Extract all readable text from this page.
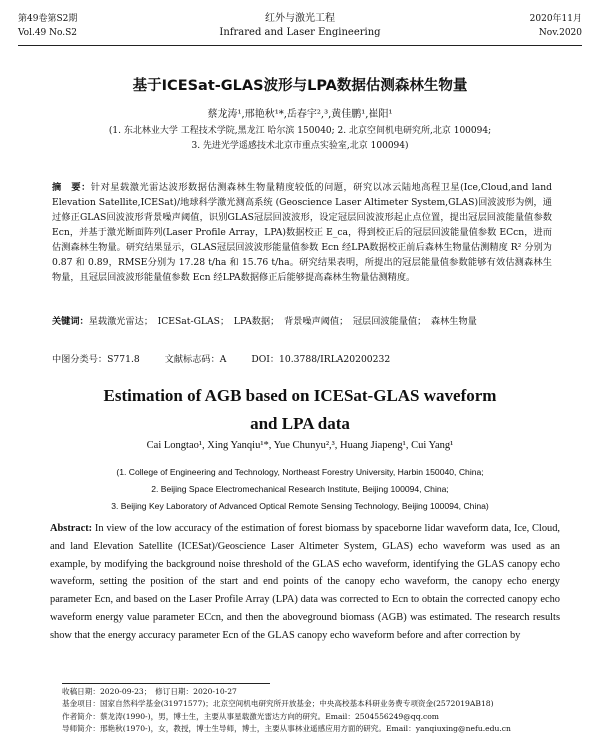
第49卷第S2期
Vol.49 No.S2
红外与激光工程
Infrared and Laser Engineering
2020年11月
Nov.2020
基于ICESat-GLAS波形与LPA数据估测森林生物量
蔡龙涛¹,邢艳秋¹*,岳春宇²,³,黄佳鹏¹,崔阳¹
(1. 东北林业大学 工程技术学院,黑龙江 哈尔滨 150040; 2. 北京空间机电研究所,北京 100094;
3. 先进光学遥感技术北京市重点实验室,北京 100094)
摘　要：针对星载激光雷达波形数据估测森林生物量精度较低的问题，研究以冰云陆地高程卫星(Ice,Cloud,and land Elevation Satellite,ICESat)/地球科学激光测高系统 (Geoscience Laser Altimeter System,GLAS)回波波形为例，通过修正GLAS回波波形背景噪声阈值，识别GLAS冠层回波波形，设定冠层回波波形起止点位置，提出冠层回波能量值参数 Ecn，并基于激光断面阵列(Laser Profile Array，LPA)数据校正 E_ca，得到校正后的冠层回波能量值参数 ECcn，进而估测森林生物量。研究结果显示，GLAS冠层回波波形能量值参数 Ecn 经LPA数据校正前后森林生物量估测精度 R² 分别为 0.87 和 0.89，RMSE分别为 17.28 t/ha 和 15.76 t/ha。研究结果表明，所提出的冠层能量值参数能够有效估测森林生物量，且冠层回波波形能量值参数 Ecn 经LPA数据修正后能够提高森林生物量估测精度。
关键词：星载激光雷达；　ICESat-GLAS；　LPA数据；　背景噪声阈值；　冠层回波能量值；　森林生物量
中图分类号：S771.8	文献标志码：A	DOI：10.3788/IRLA20200232
Estimation of AGB based on ICESat-GLAS waveform
and LPA data
Cai Longtao¹, Xing Yanqiu¹*, Yue Chunyu²,³, Huang Jiapeng¹, Cui Yang¹
(1. College of Engineering and Technology, Northeast Forestry University, Harbin 150040, China;
2. Beijing Space Electromechanical Research Institute, Beijing 100094, China;
3. Beijing Key Laboratory of Advanced Optical Remote Sensing Technology, Beijing 100094, China)
Abstract: In view of the low accuracy of the estimation of forest biomass by spaceborne lidar waveform data, Ice, Cloud, and land Elevation Satellite (ICESat)/Geoscience Laser Altimeter System, GLAS) echo waveform was used as an example, by modifying the background noise threshold of the GLAS echo waveform, identifying the GLAS canopy echo waveform, setting the position of the start and end points of the canopy echo waveform, the canopy echo energy parameter Ecn, and based on the Laser Profile Array (LPA) data was corrected to Ecn to obtain the corrected canopy echo waveform energy value parameter ECcn, and then the aboveground biomass (AGB) was estimated. The research results show that the energy accuracy parameter Ecn of the GLAS canopy echo waveform before and after correction by
收稿日期：2020-09-23；　修订日期：2020-10-27
基金项目：国家自然科学基金(31971577)；北京空间机电研究所开放基金；中央高校基本科研业务费专项资金(2572019AB18)
作者简介：蔡龙涛(1990-)，男，博士生，主要从事星载激光雷达方向的研究。Email：2504556249@qq.com
导师简介：邢艳秋(1970-)，女，教授，博士生导师，博士，主要从事林业遥感应用方面的研究。Email：yanqiuxing@nefu.edu.cn
